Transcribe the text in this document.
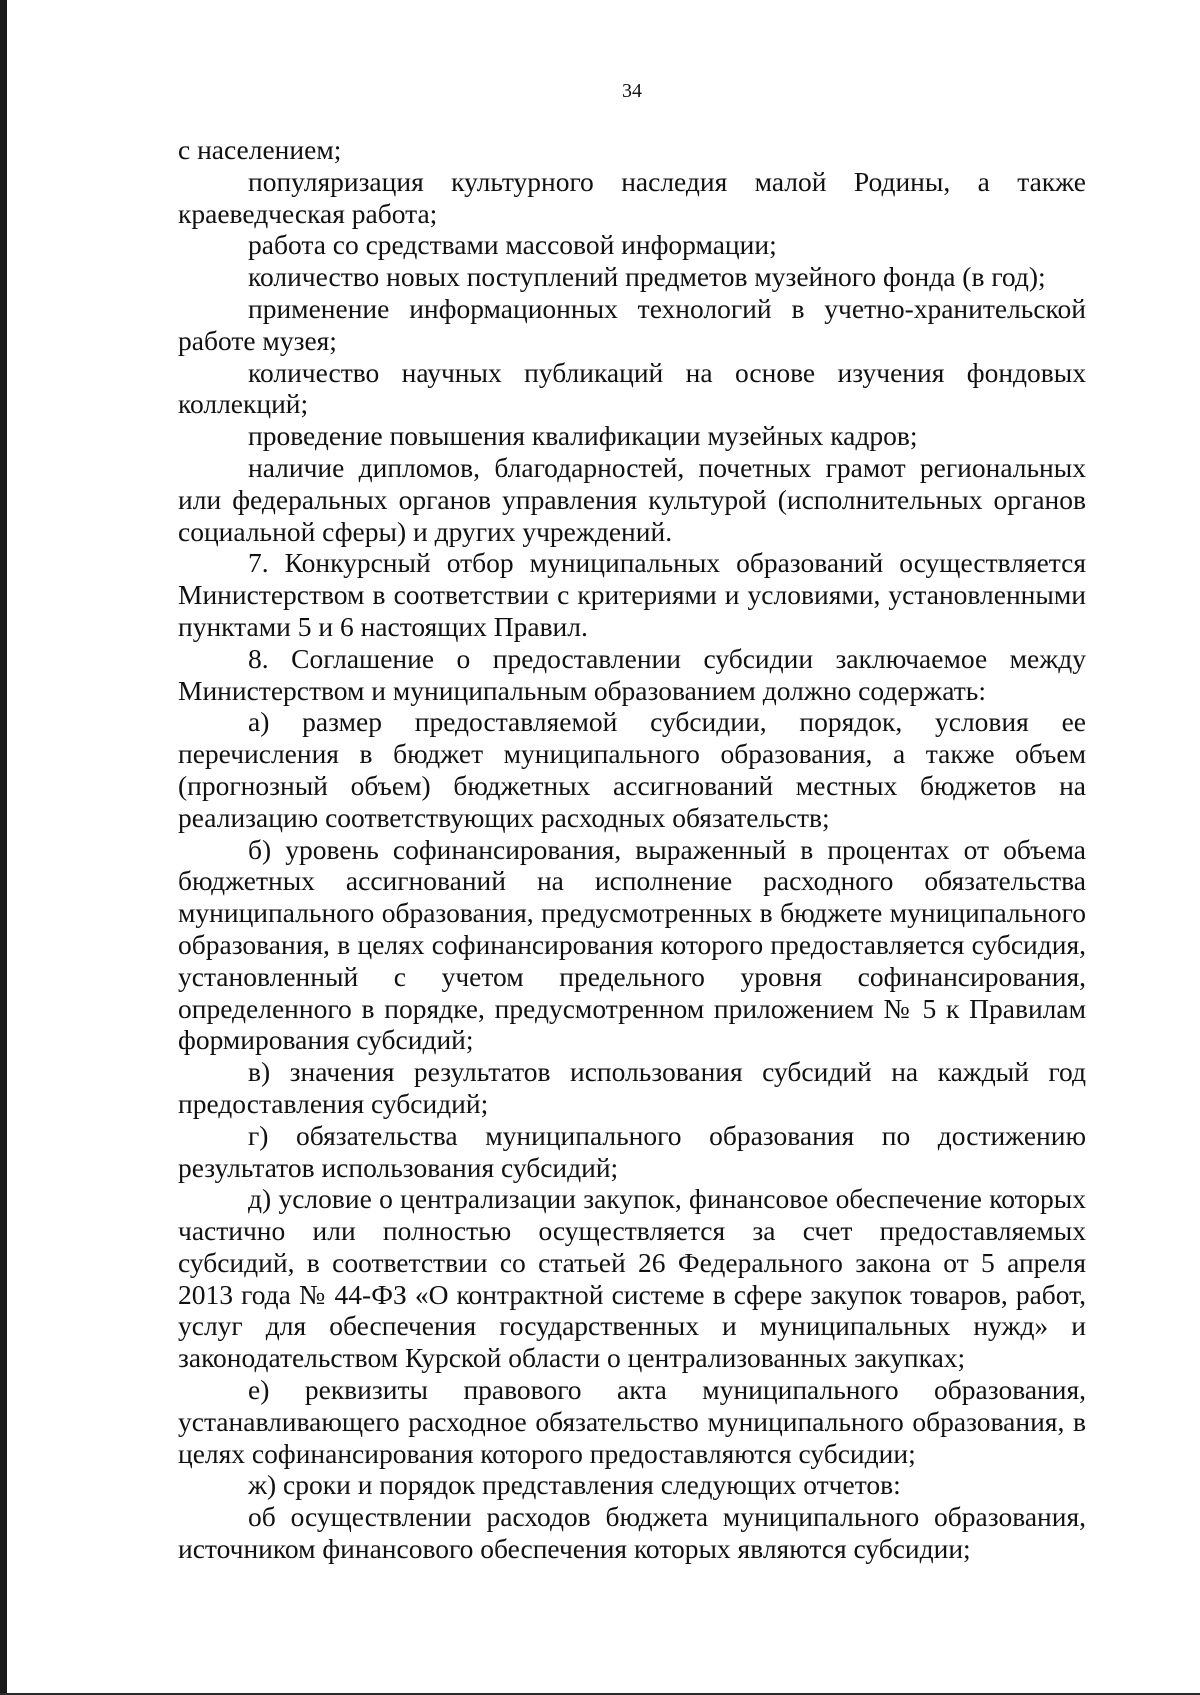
34

с населением;

популяризация культурного наследия малой Родины, а также краеведческая работа;

работа со средствами массовой информации;

количество новых поступлений предметов музейного фонда (в год);

применение информационных технологий в учетно-хранительской работе музея;

количество научных публикаций на основе изучения фондовых коллекций;

проведение повышения квалификации музейных кадров;

наличие дипломов, благодарностей, почетных грамот региональных или федеральных органов управления культурой (исполнительных органов социальной сферы) и других учреждений.

7. Конкурсный отбор муниципальных образований осуществляется Министерством в соответствии с критериями и условиями, установленными пунктами 5 и 6 настоящих Правил.

8. Соглашение о предоставлении субсидии заключаемое между Министерством и муниципальным образованием должно содержать:

а) размер предоставляемой субсидии, порядок, условия ее перечисления в бюджет муниципального образования, а также объем (прогнозный объем) бюджетных ассигнований местных бюджетов на реализацию соответствующих расходных обязательств;

б) уровень софинансирования, выраженный в процентах от объема бюджетных ассигнований на исполнение расходного обязательства муниципального образования, предусмотренных в бюджете муниципального образования, в целях софинансирования которого предоставляется субсидия, установленный с учетом предельного уровня софинансирования, определенного в порядке, предусмотренном приложением № 5 к Правилам формирования субсидий;

в) значения результатов использования субсидий на каждый год предоставления субсидий;

г) обязательства муниципального образования по достижению результатов использования субсидий;

д) условие о централизации закупок, финансовое обеспечение которых частично или полностью осуществляется за счет предоставляемых субсидий, в соответствии со статьей 26 Федерального закона от 5 апреля 2013 года № 44-ФЗ «О контрактной системе в сфере закупок товаров, работ, услуг для обеспечения государственных и муниципальных нужд» и законодательством Курской области о централизованных закупках;

е) реквизиты правового акта муниципального образования, устанавливающего расходное обязательство муниципального образования, в целях софинансирования которого предоставляются субсидии;

ж) сроки и порядок представления следующих отчетов:

об осуществлении расходов бюджета муниципального образования, источником финансового обеспечения которых являются субсидии;
